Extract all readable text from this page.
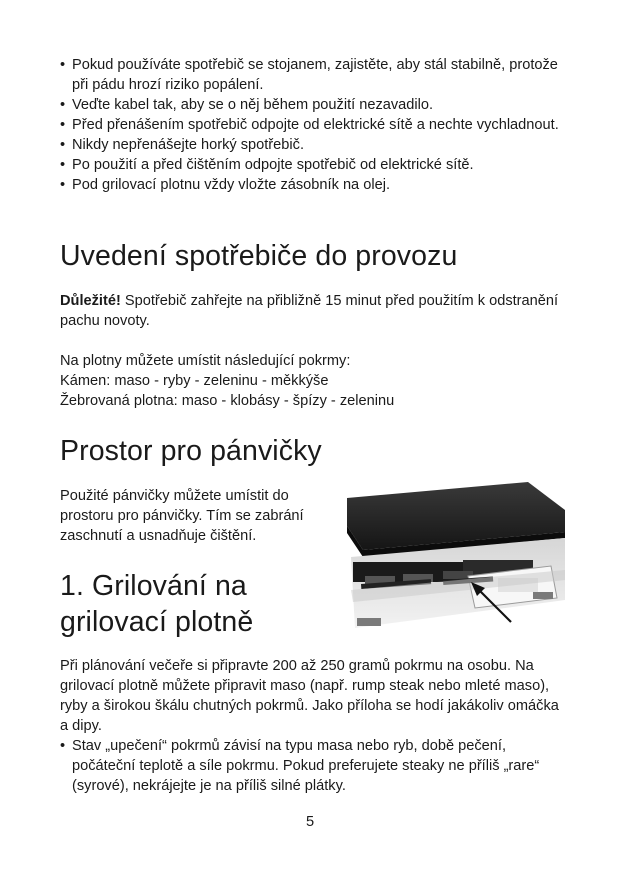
• Pokud používáte spotřebič se stojanem, zajistěte, aby stál stabilně, protože při pádu hrozí riziko popálení.
• Veďte kabel tak, aby se o něj během použití nezavadilo.
• Před přenášením spotřebič odpojte od elektrické sítě a nechte vychladnout.
• Nikdy nepřenášejte horký spotřebič.
• Po použití a před čištěním odpojte spotřebič od elektrické sítě.
• Pod grilovací plotnu vždy vložte zásobník na olej.
Uvedení spotřebiče do provozu

Důležité! Spotřebič zahřejte na přibližně 15 minut před použitím k odstranění pachu novoty.

Na plotny můžete umístit následující pokrmy:

Kámen: maso - ryby - zeleninu - měkkýše

Žebrovaná plotna: maso - klobásy - špízy - zeleninu

Prostor pro pánvičky

Použité pánvičky můžete umístit do prostoru pro pánvičky. Tím se zabrání zaschnutí a usnadňuje čištění.

1. Grilování na
grilovací plotně

Při plánování večeře si připravte 200 až 250 gramů pokrmu na osobu. Na grilovací plotně můžete připravit maso (např. rump steak nebo mleté maso), ryby a širokou škálu chutných pokrmů. Jako příloha se hodí jakákoliv omáčka a dipy.

• Stav „upečení“ pokrmů závisí na typu masa nebo ryb, době pečení, počáteční teplotě a síle pokrmu. Pokud preferujete steaky ne příliš „rare“ (syrové), nekrájejte je na příliš silné plátky.
5
